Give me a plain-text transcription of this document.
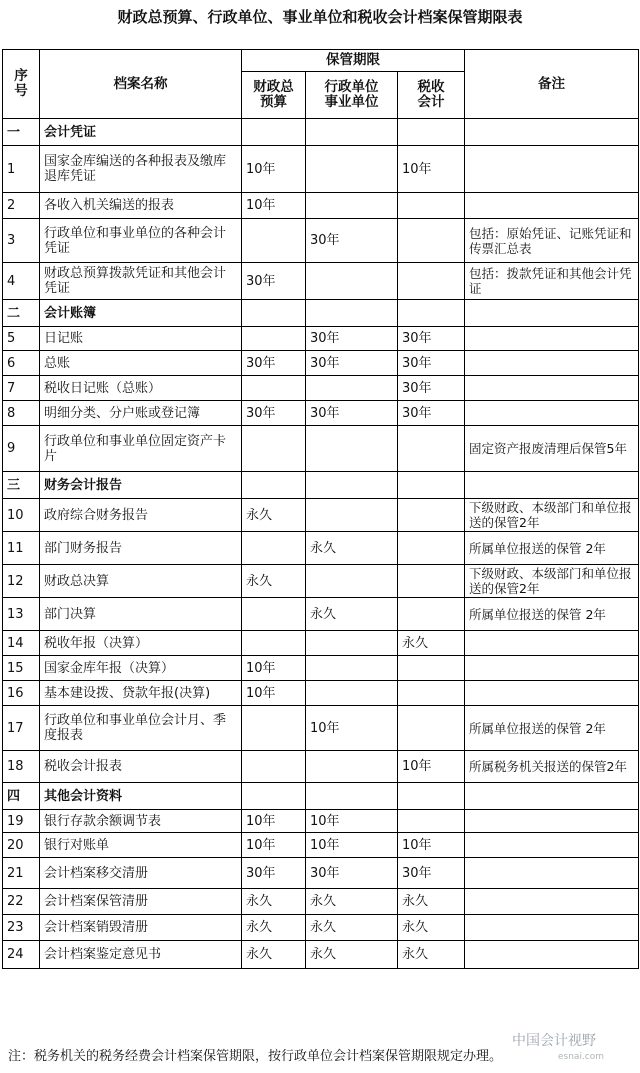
财政总预算、行政单位、事业单位和税收会计档案保管期限表
序号	档案名称	保管期限			备注
		财政总预算	行政单位事业单位	税收会计	
一	会计凭证				
1	国家金库编送的各种报表及缴库退库凭证	10年		10年	
2	各收入机关编送的报表	10年			
3	行政单位和事业单位的各种会计凭证		30年		包括：原始凭证、记账凭证和传票汇总表
4	财政总预算拨款凭证和其他会计凭证	30年			包括：拨款凭证和其他会计凭证
二	会计账簿				
5	日记账		30年	30年	
6	总账	30年	30年	30年	
7	税收日记账（总账）			30年	
8	明细分类、分户账或登记簿	30年	30年	30年	
9	行政单位和事业单位固定资产卡片				固定资产报废清理后保管5年
三	财务会计报告				
10	政府综合财务报告	永久			下级财政、本级部门和单位报送的保管2年
11	部门财务报告		永久		所属单位报送的保管 2年
12	财政总决算	永久			下级财政、本级部门和单位报送的保管2年
13	部门决算		永久		所属单位报送的保管 2年
14	税收年报（决算）			永久	
15	国家金库年报（决算）	10年			
16	基本建设拨、贷款年报(决算)	10年			
17	行政单位和事业单位会计月、季度报表		10年		所属单位报送的保管 2年
18	税收会计报表			10年	所属税务机关报送的保管2年
四	其他会计资料				
19	银行存款余额调节表	10年	10年		
20	银行对账单	10年	10年	10年	
21	会计档案移交清册	30年	30年	30年	
22	会计档案保管清册	永久	永久	永久	
23	会计档案销毁清册	永久	永久	永久	
24	会计档案鉴定意见书	永久	永久	永久	
注：税务机关的税务经费会计档案保管期限，按行政单位会计档案保管期限规定办理。
中国会计视野
esnai.com
